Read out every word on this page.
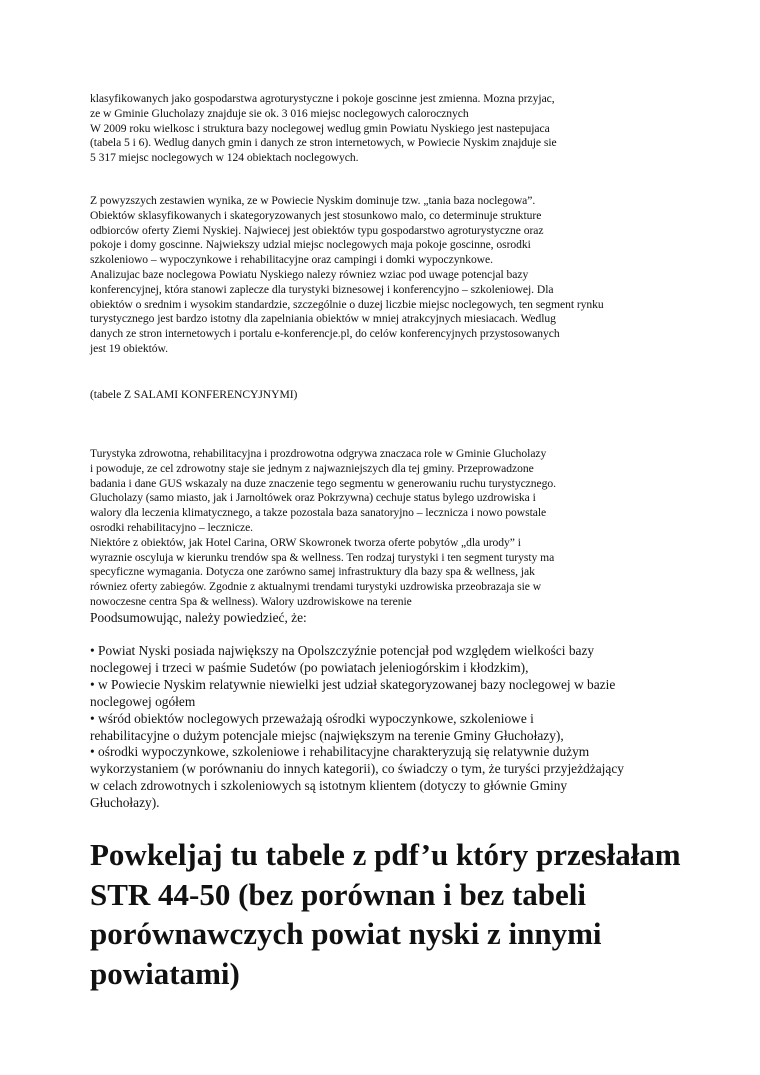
klasyfikowanych jako gospodarstwa agroturystyczne i pokoje goscinne jest zmienna. Mozna przyjac,
ze w Gminie Glucholazy znajduje sie ok. 3 016 miejsc noclegowych calorocznych
W 2009 roku wielkosc i struktura bazy noclegowej wedlug gmin Powiatu Nyskiego jest nastepujaca
(tabela 5 i 6). Wedlug danych gmin i danych ze stron internetowych, w Powiecie Nyskim znajduje sie
5 317 miejsc noclegowych w 124 obiektach noclegowych.
Z powyzszych zestawien wynika, ze w Powiecie Nyskim dominuje tzw. „tania baza noclegowa”.
Obiektów sklasyfikowanych i skategoryzowanych jest stosunkowo malo, co determinuje strukture
odbiorców oferty Ziemi Nyskiej. Najwiecej jest obiektów typu gospodarstwo agroturystyczne oraz
pokoje i domy goscinne. Najwiekszy udzial miejsc noclegowych maja pokoje goscinne, osrodki
szkoleniowo – wypoczynkowe i rehabilitacyjne oraz campingi i domki wypoczynkowe.
Analizujac baze noclegowa Powiatu Nyskiego nalezy równiez wziac pod uwage potencjal bazy
konferencyjnej, która stanowi zaplecze dla turystyki biznesowej i konferencyjno – szkoleniowej. Dla
obiektów o srednim i wysokim standardzie, szczególnie o duzej liczbie miejsc noclegowych, ten segment rynku
turystycznego jest bardzo istotny dla zapelniania obiektów w mniej atrakcyjnych miesiacach. Wedlug
danych ze stron internetowych i portalu e-konferencje.pl, do celów konferencyjnych przystosowanych
jest 19 obiektów.
(tabele Z SALAMI KONFERENCYJNYMI)
Turystyka zdrowotna, rehabilitacyjna i prozdrowotna odgrywa znaczaca role w Gminie Glucholazy
i powoduje, ze cel zdrowotny staje sie jednym z najwazniejszych dla tej gminy. Przeprowadzone
badania i dane GUS wskazaly na duze znaczenie tego segmentu w generowaniu ruchu turystycznego.
Glucholazy (samo miasto, jak i Jarnoltówek oraz Pokrzywna) cechuje status bylego uzdrowiska i
walory dla leczenia klimatycznego, a takze pozostala baza sanatoryjno – lecznicza i nowo powstale
osrodki rehabilitacyjno – lecznicze.
Niektóre z obiektów, jak Hotel Carina, ORW Skowronek tworza oferte pobytów „dla urody” i
wyraznie oscyluja w kierunku trendów spa & wellness. Ten rodzaj turystyki i ten segment turysty ma
specyficzne wymagania. Dotycza one zarówno samej infrastruktury dla bazy spa & wellness, jak
równiez oferty zabiegów. Zgodnie z aktualnymi trendami turystyki uzdrowiska przeobrazaja sie w
nowoczesne centra Spa & wellness). Walory uzdrowiskowe na terenie
Poodsumowując, należy powiedzieć, że:
• Powiat Nyski posiada największy na Opolszczyźnie potencjał pod względem wielkości bazy
noclegowej i trzeci w paśmie Sudetów (po powiatach jeleniogórskim i kłodzkim),
• w Powiecie Nyskim relatywnie niewielki jest udział skategoryzowanej bazy noclegowej w bazie
noclegowej ogółem
• wśród obiektów noclegowych przeważają ośrodki wypoczynkowe, szkoleniowe i
rehabilitacyjne o dużym potencjale miejsc (największym na terenie Gminy Głuchołazy),
• ośrodki wypoczynkowe, szkoleniowe i rehabilitacyjne charakteryzują się relatywnie dużym
wykorzystaniem (w porównaniu do innych kategorii), co świadczy o tym, że turyści przyjeżdżający
w celach zdrowotnych i szkoleniowych są istotnym klientem (dotyczy to głównie Gminy
Głuchołazy).
Powkeljaj tu tabele z pdf’u który przesłałam
STR 44-50 (bez porównan i bez tabeli
porównawczych powiat nyski z innymi
powiatami)
